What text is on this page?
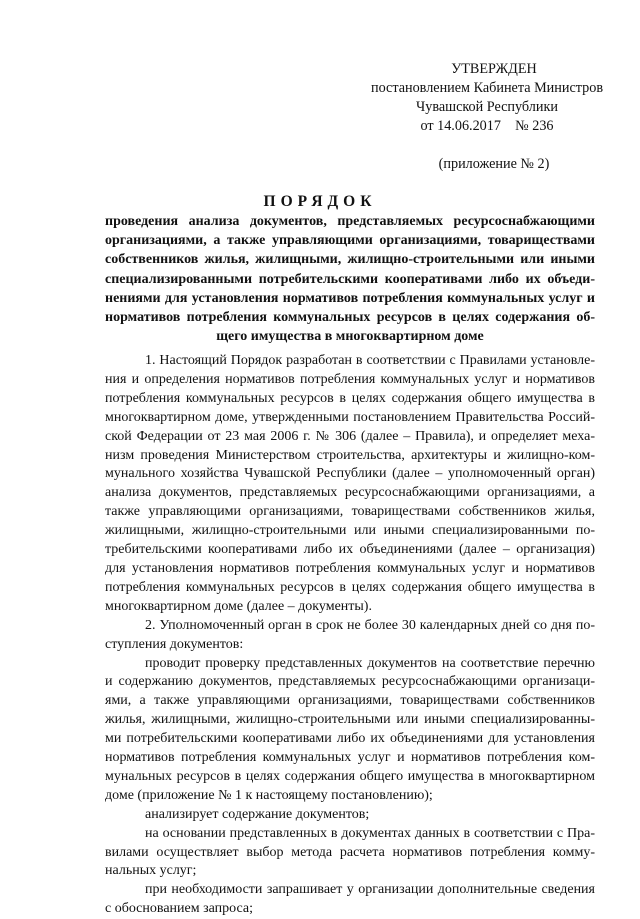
УТВЕРЖДЕН
постановлением Кабинета Министров
Чувашской Республики
от 14.06.2017    № 236
(приложение № 2)
ПОРЯДОК
проведения анализа документов, представляемых ресурсоснабжающими
организациями, а также управляющими организациями, товариществами
собственников жилья, жилищными, жилищно-строительными или иными
специализированными потребительскими кооперативами либо их объеди-
нениями для установления нормативов потребления коммунальных услуг и
нормативов потребления коммунальных ресурсов в целях содержания об-
щего имущества в многоквартирном доме
1. Настоящий Порядок разработан в соответствии с Правилами установле-
ния и определения нормативов потребления коммунальных услуг и нормативов
потребления коммунальных ресурсов в целях содержания общего имущества в
многоквартирном доме, утвержденными постановлением Правительства Россий-
ской Федерации от 23 мая 2006 г. № 306 (далее – Правила), и определяет меха-
низм проведения Министерством строительства, архитектуры и жилищно-ком-
мунального хозяйства Чувашской Республики (далее – уполномоченный орган)
анализа документов, представляемых ресурсоснабжающими организациями, а
также управляющими организациями, товариществами собственников жилья,
жилищными, жилищно-строительными или иными специализированными по-
требительскими кооперативами либо их объединениями (далее – организация)
для установления нормативов потребления коммунальных услуг и нормативов
потребления коммунальных ресурсов в целях содержания общего имущества в
многоквартирном доме (далее – документы).
2. Уполномоченный орган в срок не более 30 календарных дней со дня по-
ступления документов:
проводит проверку представленных документов на соответствие перечню
и содержанию документов, представляемых ресурсоснабжающими организаци-
ями, а также управляющими организациями, товариществами собственников
жилья, жилищными, жилищно-строительными или иными специализированны-
ми потребительскими кооперативами либо их объединениями для установления
нормативов потребления коммунальных услуг и нормативов потребления ком-
мунальных ресурсов в целях содержания общего имущества в многоквартирном
доме (приложение № 1 к настоящему постановлению);
анализирует содержание документов;
на основании представленных в документах данных в соответствии с Пра-
вилами осуществляет выбор метода расчета нормативов потребления комму-
нальных услуг;
при необходимости запрашивает у организации дополнительные сведения
с обоснованием запроса;
